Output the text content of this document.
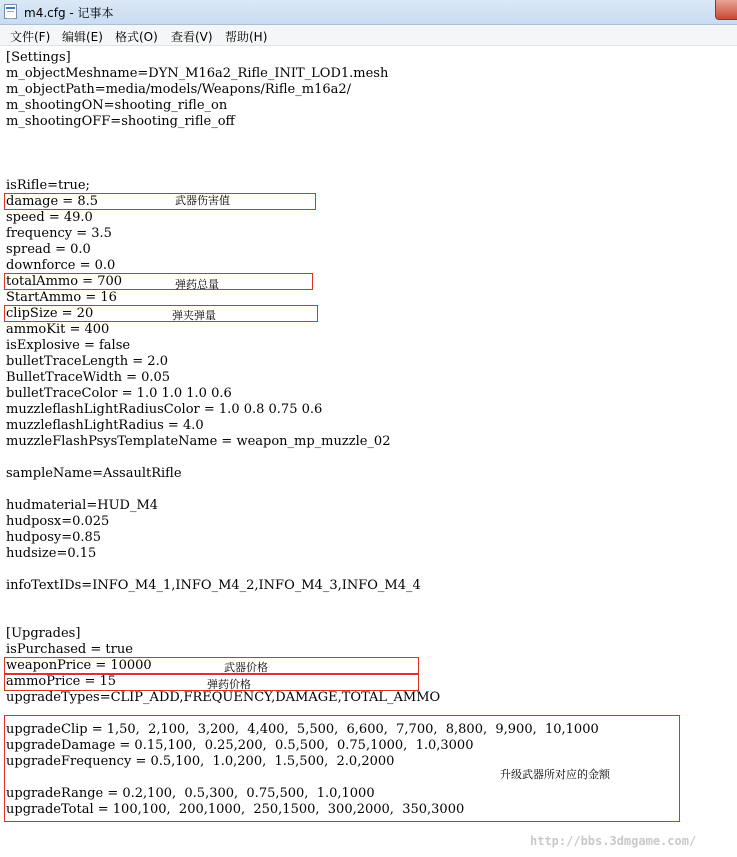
m4.cfg - 记事本
文件(F) 编辑(E) 格式(O) 查看(V) 帮助(H)
[Settings]
m_objectMeshname=DYN_M16a2_Rifle_INIT_LOD1.mesh
m_objectPath=media/models/Weapons/Rifle_m16a2/
m_shootingON=shooting_rifle_on
m_shootingOFF=shooting_rifle_off
isRifle=true;
damage = 8.5
speed = 49.0
frequency = 3.5
spread = 0.0
downforce = 0.0
totalAmmo = 700
StartAmmo = 16
clipSize = 20
ammoKit = 400
isExplosive = false
bulletTraceLength = 2.0
BulletTraceWidth = 0.05
bulletTraceColor = 1.0 1.0 1.0 0.6
muzzleflashLightRadiusColor = 1.0 0.8 0.75 0.6
muzzleflashLightRadius = 4.0
muzzleFlashPsysTemplateName = weapon_mp_muzzle_02
sampleName=AssaultRifle
hudmaterial=HUD_M4
hudposx=0.025
hudposy=0.85
hudsize=0.15
infoTextIDs=INFO_M4_1,INFO_M4_2,INFO_M4_3,INFO_M4_4
[Upgrades]
isPurchased = true
weaponPrice = 10000
ammoPrice = 15
upgradeTypes=CLIP_ADD,FREQUENCY,DAMAGE,TOTAL_AMMO
upgradeClip = 1,50,  2,100,  3,200,  4,400,  5,500,  6,600,  7,700,  8,800,  9,900,  10,1000
upgradeDamage = 0.15,100,  0.25,200,  0.5,500,  0.75,1000,  1.0,3000
upgradeFrequency = 0.5,100,  1.0,200,  1.5,500,  2.0,2000
upgradeRange = 0.2,100,  0.5,300,  0.75,500,  1.0,1000
upgradeTotal = 100,100,  200,1000,  250,1500,  300,2000,  350,3000
武器伤害值
弹药总量
弹夹弹量
武器价格
弹药价格
升级武器所对应的金额
http://bbs.3dmgame.com/
